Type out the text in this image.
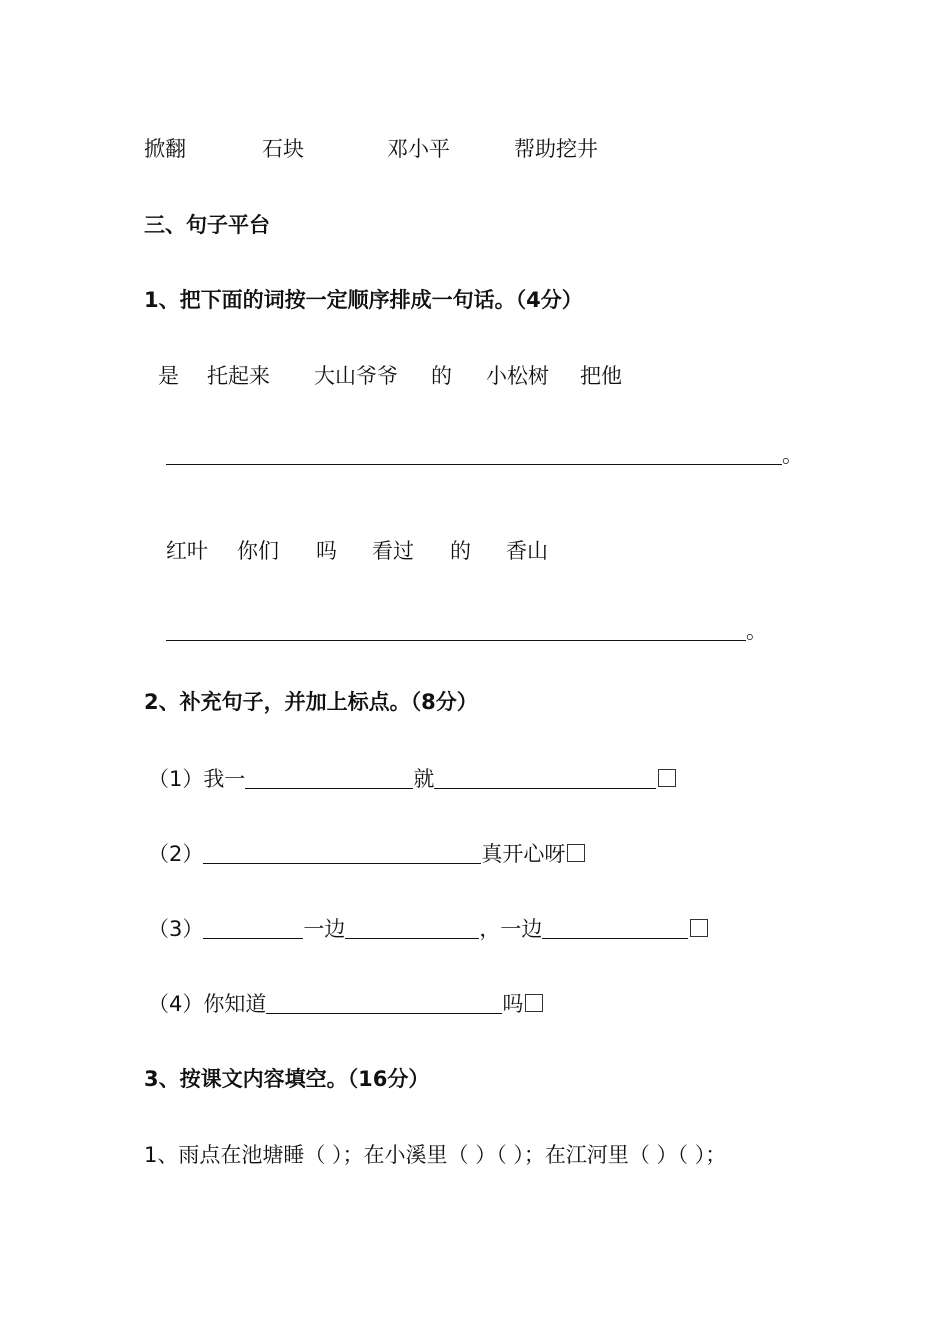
掀翻	石块	邓小平	帮助挖井
三、句子平台
1、把下面的词按一定顺序排成一句话。（4分）
是 托起来 大山爷爷 的 小松树 把他
。
红叶 你们 吗 看过 的 香山
。
2、补充句子，并加上标点。（8分）
（1）我一	就
（2）	真开心呀
（3）	一边	，一边
（4）你知道	吗
3、按课文内容填空。（16分）
1、雨点在池塘睡（ ）；在小溪里（ ）（ ）；在江河里（ ）（ ）；
